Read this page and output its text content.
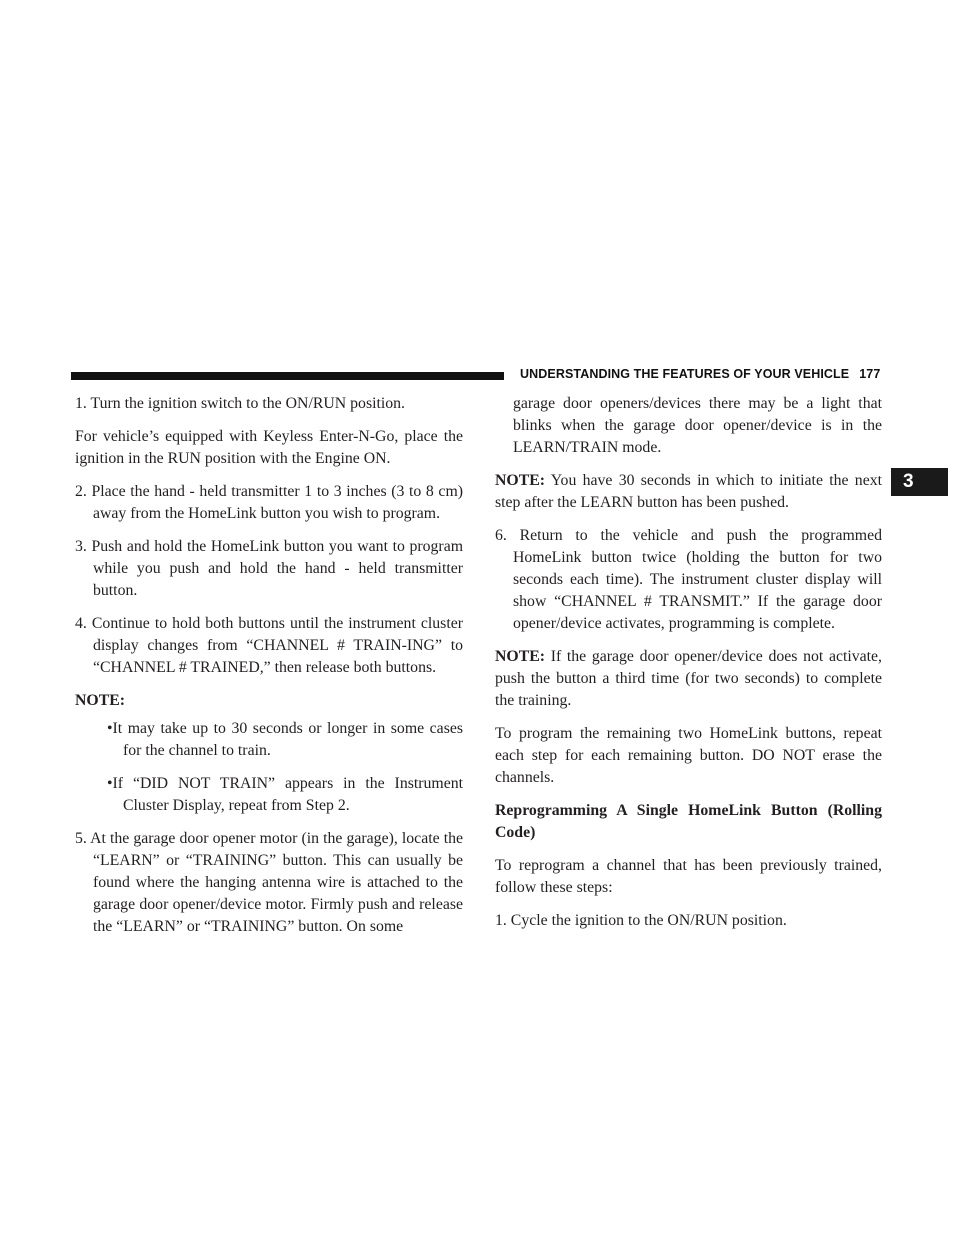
UNDERSTANDING THE FEATURES OF YOUR VEHICLE 177
3

1. Turn the ignition switch to the ON/RUN position.

For vehicle’s equipped with Keyless Enter-N-Go, place the ignition in the RUN position with the Engine ON.

2. Place the hand - held transmitter 1 to 3 inches (3 to 8 cm) away from the HomeLink button you wish to program.
3. Push and hold the HomeLink button you want to program while you push and hold the hand - held transmitter button.
4. Continue to hold both buttons until the instrument cluster display changes from “CHANNEL # TRAIN-ING” to “CHANNEL # TRAINED,” then release both buttons.
NOTE:
•It may take up to 30 seconds or longer in some cases for the channel to train.
•If “DID NOT TRAIN” appears in the Instrument Cluster Display, repeat from Step 2.
5. At the garage door opener motor (in the garage), locate the “LEARN” or “TRAINING” button. This can usually be found where the hanging antenna wire is attached to the garage door opener/device motor. Firmly push and release the “LEARN” or “TRAINING” button. On some
garage door openers/devices there may be a light that blinks when the garage door opener/device is in the LEARN/TRAIN mode.

NOTE: You have 30 seconds in which to initiate the next step after the LEARN button has been pushed.

6. Return to the vehicle and push the programmed HomeLink button twice (holding the button for two seconds each time). The instrument cluster display will show “CHANNEL # TRANSMIT.” If the garage door opener/device activates, programming is complete.

NOTE: If the garage door opener/device does not activate, push the button a third time (for two seconds) to complete the training.

To program the remaining two HomeLink buttons, repeat each step for each remaining button. DO NOT erase the channels.

Reprogramming A Single HomeLink Button (Rolling Code)

To reprogram a channel that has been previously trained, follow these steps:

1. Cycle the ignition to the ON/RUN position.
